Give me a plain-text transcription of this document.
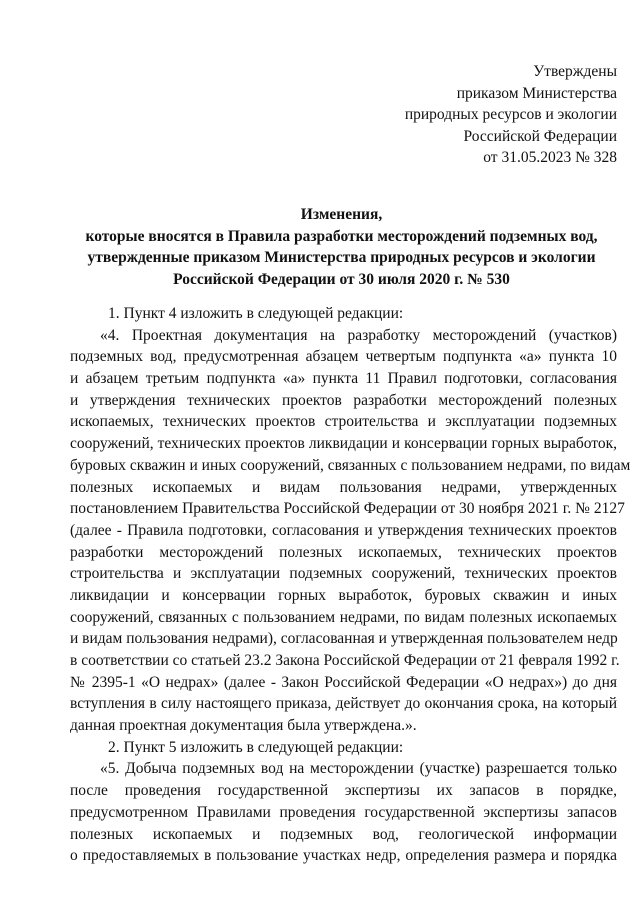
Утверждены
приказом Министерства
природных ресурсов и экологии
Российской Федерации
от 31.05.2023 № 328
Изменения,
которые вносятся в Правила разработки месторождений подземных вод,
утвержденные приказом Министерства природных ресурсов и экологии
Российской Федерации от 30 июля 2020 г. № 530
1. Пункт 4 изложить в следующей редакции:
«4. Проектная документация на разработку месторождений (участков)
подземных вод, предусмотренная абзацем четвертым подпункта «а» пункта 10
и абзацем третьим подпункта «а» пункта 11 Правил подготовки, согласования
и утверждения технических проектов разработки месторождений полезных
ископаемых, технических проектов строительства и эксплуатации подземных
сооружений, технических проектов ликвидации и консервации горных выработок,
буровых скважин и иных сооружений, связанных с пользованием недрами, по видам
полезных ископаемых и видам пользования недрами, утвержденных
постановлением Правительства Российской Федерации от 30 ноября 2021 г. № 2127
(далее - Правила подготовки, согласования и утверждения технических проектов
разработки месторождений полезных ископаемых, технических проектов
строительства и эксплуатации подземных сооружений, технических проектов
ликвидации и консервации горных выработок, буровых скважин и иных
сооружений, связанных с пользованием недрами, по видам полезных ископаемых
и видам пользования недрами), согласованная и утвержденная пользователем недр
в соответствии со статьей 23.2 Закона Российской Федерации от 21 февраля 1992 г.
№ 2395-1 «О недрах» (далее - Закон Российской Федерации «О недрах») до дня
вступления в силу настоящего приказа, действует до окончания срока, на который
данная проектная документация была утверждена.».
2. Пункт 5 изложить в следующей редакции:
«5. Добыча подземных вод на месторождении (участке) разрешается только
после проведения государственной экспертизы их запасов в порядке,
предусмотренном Правилами проведения государственной экспертизы запасов
полезных ископаемых и подземных вод, геологической информации
о предоставляемых в пользование участках недр, определения размера и порядка
